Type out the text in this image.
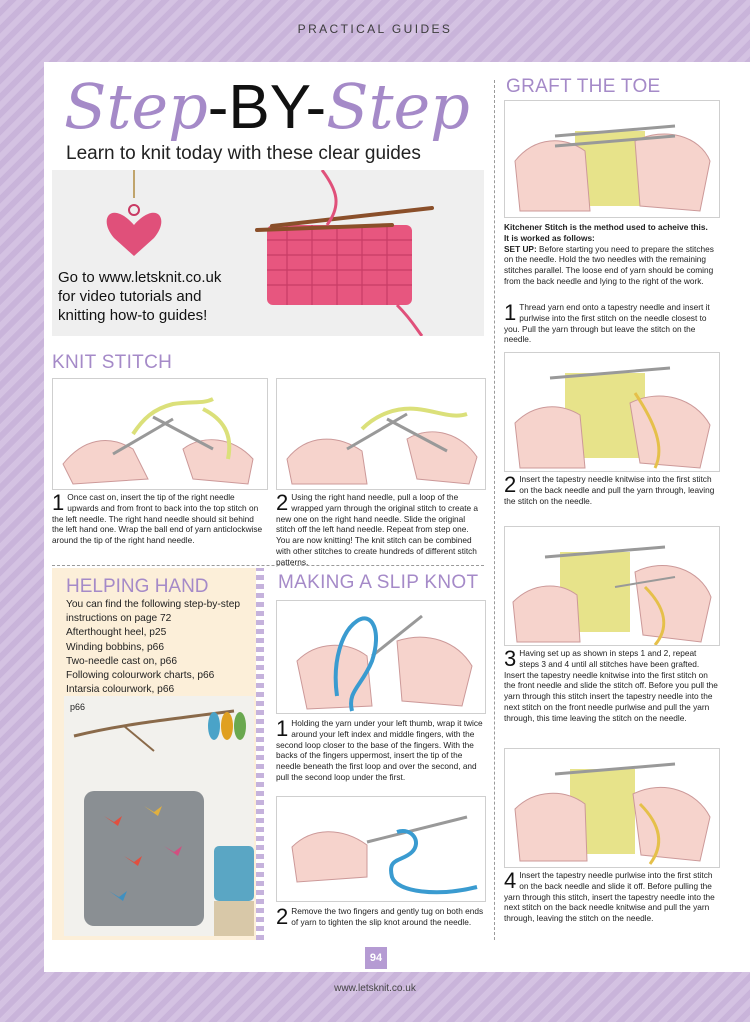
PRACTICAL GUIDES
Step-BY-Step
Learn to knit today with these clear guides
Go to www.letsknit.co.uk
for video tutorials and
knitting how-to guides!
KNIT STITCH
1 Once cast on, insert the tip of the right needle upwards and from front to back into the top stitch on the left needle. The right hand needle should sit behind the left hand one. Wrap the ball end of yarn anticlockwise around the tip of the right hand needle.
2 Using the right hand needle, pull a loop of the wrapped yarn through the original stitch to create a new one on the right hand needle. Slide the original stitch off the left hand needle. Repeat from step one. You are now knitting! The knit stitch can be combined with other stitches to create hundreds of different stitch patterns.
HELPING HAND
You can find the following step-by-step
instructions on page 72
Afterthought heel, p25
Winding bobbins, p66
Two-needle cast on, p66
Following colourwork charts, p66
Intarsia colourwork, p66
p66
MAKING A SLIP KNOT
1 Holding the yarn under your left thumb, wrap it twice around your left index and middle fingers, with the second loop closer to the base of the fingers. With the backs of the fingers uppermost, insert the tip of the needle beneath the first loop and over the second, and pull the second loop under the first.
2 Remove the two fingers and gently tug on both ends of yarn to tighten the slip knot around the needle.
GRAFT THE TOE
Kitchener Stitch is the method used to acheive this. It is worked as follows:
SET UP: Before starting you need to prepare the stitches on the needle. Hold the two needles with the remaining stitches parallel. The loose end of yarn should be coming from the back needle and lying to the right of the work.
1 Thread yarn end onto a tapestry needle and insert it purlwise into the first stitch on the needle closest to you. Pull the yarn through but leave the stitch on the needle.
2 Insert the tapestry needle knitwise into the first stitch on the back needle and pull the yarn through, leaving the stitch on the needle.
3 Having set up as shown in steps 1 and 2, repeat steps 3 and 4 until all stitches have been grafted. Insert the tapestry needle knitwise into the first stitch on the front needle and slide the stitch off. Before you pull the yarn through this stitch insert the tapestry needle into the next stitch on the front needle purlwise and pull the yarn through, this time leaving the stitch on the needle.
4 Insert the tapestry needle purlwise into the first stitch on the back needle and slide it off. Before pulling the yarn through this stitch, insert the tapestry needle into the next stitch on the back needle knitwise and pull the yarn through, leaving the stitch on the needle.
94
www.letsknit.co.uk
